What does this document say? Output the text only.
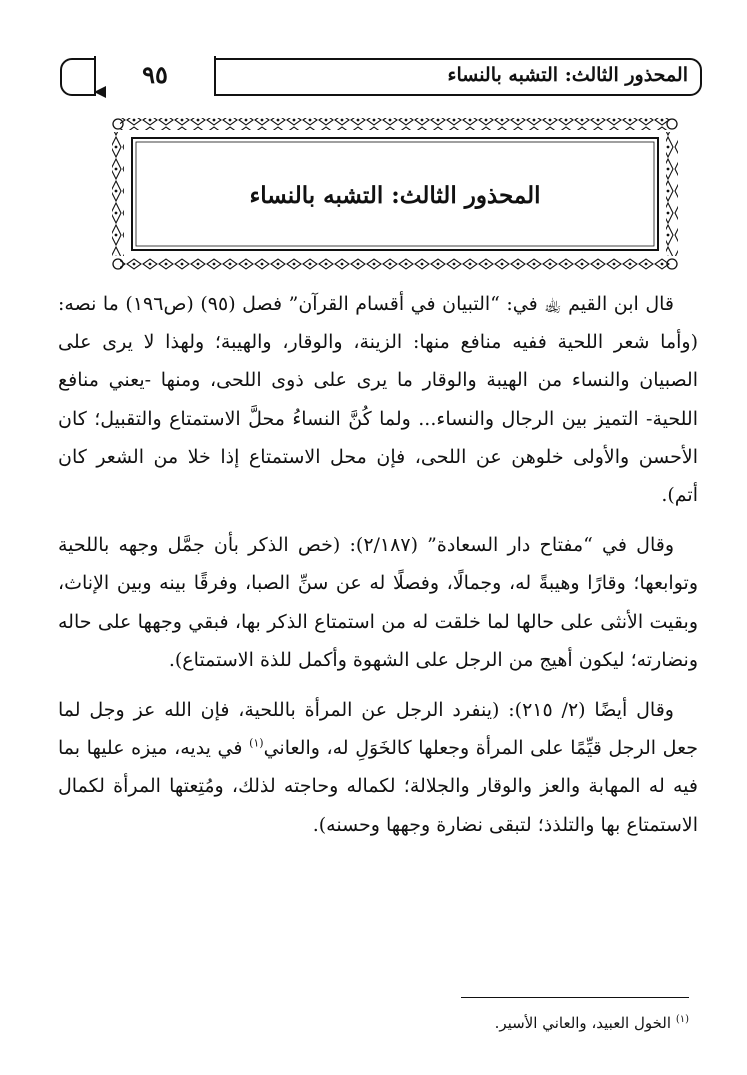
المحذور الثالث: التشبه بالنساء
٩٥
المحذور الثالث: التشبه بالنساء

قال ابن القيم ﵀ في: “التبيان في أقسام القرآن” فصل (٩٥) (ص١٩٦) ما نصه: (وأما شعر اللحية ففيه منافع منها: الزينة، والوقار، والهيبة؛ ولهذا لا يرى على الصبيان والنساء من الهيبة والوقار ما يرى على ذوى اللحى، ومنها -يعني منافع اللحية- التميز بين الرجال والنساء... ولما كُنَّ النساءُ محلَّ الاستمتاع والتقبيل؛ كان الأحسن والأولى خلوهن عن اللحى، فإن محل الاستمتاع إذا خلا من الشعر كان أتم).

وقال في “مفتاح دار السعادة” (٢/١٨٧): (خص الذكر بأن جمَّل وجهه باللحية وتوابعها؛ وقارًا وهيبةً له، وجمالًا، وفصلًا له عن سنِّ الصبا، وفرقًا بينه وبين الإناث، وبقيت الأنثى على حالها لما خلقت له من استمتاع الذكر بها، فبقي وجهها على حاله ونضارته؛ ليكون أهيج من الرجل على الشهوة وأكمل للذة الاستمتاع).

وقال أيضًا (٢/ ٢١٥): (ينفرد الرجل عن المرأة باللحية، فإن الله عز وجل لما جعل الرجل قيِّمًا على المرأة وجعلها كالخَوَلِ له، والعاني$^{(١)}$ في يديه، ميزه عليها بما فيه له المهابة والعز والوقار والجلالة؛ لكماله وحاجته لذلك، ومُتِعتها المرأة لكمال الاستمتاع بها والتلذذ؛ لتبقى نضارة وجهها وحسنه).

$^{(١)}$ الخول العبيد، والعاني الأسير.
